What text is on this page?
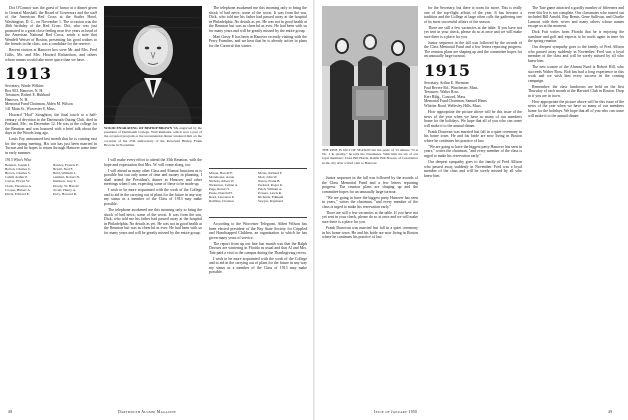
Dot O'Connor was the guest of honor at a dinner given to General Marshall, the Board of Governors and the staff of the American Red Cross at the Statler Hotel, Washington, D. C., on November 1. The occasion was the 46th birthday of the Red Cross. Dot, who was just promoted to a great close feeling near five years as head of the American National Red Cross, sends a note that Wendell Weiser of Boston, presenting his good wishes to the friends in the class, was a candidate for the reserve.

Recent visitors at Hanover box were Mr. and Mrs. Fred Gillis, Mr. and Mrs. Howard Richardson, and others whose names would take more space than we have.

1913
Secretary, Warde Wilkins
Box 903, Hanover, N. H.
Treasurer, Robert E. Hubbard
Hanover, N. H.
Memorial Fund Chairman, Alden M. Wilson
141 Main St., Worcester 8, Mass.

Howard "Hod" Stoughton, the final touch to a half-century of devotion to the Dartmouth Outing Club, died in Portland, Me., on December 12. He was at the college for the Reunion and was honored with a brief talk about the days in the Woods long ago.

Louis Fay announced last month that he is coming east for the spring meeting. His son has just been married in Tucson and he hopes to return through Hanover some time in early summer.

1913 Who's Who
Bennett, Joseph I.	Hawley, Francis E.
Bolton, Charles C.	Hewitt, Ned F.
Brown, Charles S.	Hurd, William L.
Cahill, Arthur F.	Lambert, Robert N.
Carver, Elwyn W.	Mattison, Guy T.
Clark, Theodore A.	Moody, W. Harold
Cooper, Hubert A.	Orcutt, Henry A.
Davis, Edward E.	Perry, Howard R.
WOOD ENGRAVING OF BISHOP BROWN '13, engraved by the president of Dartmouth College, Wall Remarks, which won a part of the accepted program at the tercentennial dinner tendered him on the occasion of the 25th anniversary of the Reverend Bishop Frank Browne in November.

I will make every effort to attend the 35th Reunion, with the hope and expectation that Mrs. W. will come along, too.

I will attend as many other Class and Alumni functions as is possible but can only name of time and money in planning. I shall attend the President's dinner in Hanover and other meetings when I can, expecting some of these to be made up.

I wish to be more acquainted with the work of the College and to aid in the carrying out of plans for the future in any way my status as a member of the Class of 1913 may make possible.

The telephone awakened me this morning only to bring the shock of bad news; some of the worst. It was from the son, Dick, who told me his father had passed away at the hospital in Philadelphia. No details as yet. He was not in good health at the Reunion but was as cheerful as ever. He had been with us for many years and will be greatly missed by the entire group.

The telephone awakened me this morning only to bring the shock of bad news; some of the worst. It was from the son, Dick, who told me his father had passed away at the hospital in Philadelphia. No details as yet. He was not in good health at the Reunion but was as cheerful as ever. He had been with us for many years and will be greatly missed by the entire group.

Matt Gusty P. has been in Hanover recently visiting with the Perry Framlins, and we hear that he is already active in plans for the Carnival this winter.

Mason, Harold E.	Morse, Richard F.
Morehouse, Aaron	Mott, John W.
Nichols, Albert W.	Nason, Frank B.
Nickerson, Lyman A.	Packard, Roger K.
Page, Robert S.	Patch, William A.
Pease, Donald H.	Powers, Lewis R.
Read, Lawrence P.	Richards, Edmund
Robbins, Clarence	Sawyer, Raymond

According to the Worcester Telegram, Alden Wilson has been elected president of the Bay State Society for Crippled and Handicapped Children, an organization to which he has given many years of service.

The report from up our line last month was that the Ralph Davises are wintering in Florida as usual and that Al and Mrs. Tate paid a visit to the campus during the Thanksgiving recess.

I wish to be more acquainted with the work of the College and to aid in the carrying out of plans for the future in any way my status as a member of the Class of 1913 may make possible.

THE PINE IS OUT OF SEASON but the pride of '15 shines: "It is No. 1 in quality," he tells his classmates. With him are six of our loyal members: Class Bill Harris, Rabbit Bill Bowen, of Casablanca in the city after a brief visit to Hanover.

Junior sequence in the fall was followed by the awards of the Class Memorial Fund and a few letters reporting progress. The reunion plans are shaping up and the committee hopes for an unusually large turnout.

"We are going to have the biggest party Hanover has seen in years," writes the chairman, "and every member of the class is urged to make his reservation early."

There are still a few vacancies at the table. If you have not yet sent in your check, please do so at once and we will make sure there is a place for you.

Frank Donovan was married last fall in a quiet ceremony in his home town. He and his bride are now living in Boston where he continues his practice of law.

for the Secretary, but there is room for more. This is really one of the top-flight affairs of the year. It has become a tradition and the College at large often calls the gathering one of its most successful affairs of the season.

There are still a few vacancies at the table. If you have not yet sent in your check, please do so at once and we will make sure there is a place for you.

Junior sequence in the fall was followed by the awards of the Class Memorial Fund and a few letters reporting progress. The reunion plans are shaping up and the committee hopes for an unusually large turnout.

1915
Secretary, Arthur E. Sherman
Paul Revere Rd., Winchester, Mass.
Treasurer, Walter Ross
Kerr Bldg., Concord, Mass.
Memorial Fund Chairman, Samuel Hines
Whittier Road, Wellesley Hills, Mass.

How appropriate the picture above will be this issue of the news of the year when we have so many of our members home for the holidays. We hope that all of you who can come will make it to the annual dinner.

Frank Donovan was married last fall in a quiet ceremony in his home town. He and his bride are now living in Boston where he continues his practice of law.

"We are going to have the biggest party Hanover has seen in years," writes the chairman, "and every member of the class is urged to make his reservation early."

Our deepest sympathy goes to the family of Fred Allison who passed away suddenly in November. Fred was a loyal member of the class and will be sorely missed by all who knew him.

The Tate game attracted a goodly number of fifteeners and even this list is not complete. Our classmates who turned out included Bill Arnold, Ray Bemis, Gene Sullivan, and Charlie Lamont with their wives and many others whose names escape us at the moment.

Dick Fair writes from Florida that he is enjoying the sunshine and golf and expects to be north again in time for the spring reunion.

Our deepest sympathy goes to the family of Fred Allison who passed away suddenly in November. Fred was a loyal member of the class and will be sorely missed by all who knew him.

The new trustee of the Alumni Fund is Robert Hill, who succeeds Walter Ross. Bob has had a long experience in this work and we wish him every success in the coming campaign.

Remember: the class luncheons are held on the first Thursday of each month at the Harvard Club in Boston. Drop in if you are in town.

How appropriate the picture above will be this issue of the news of the year when we have so many of our members home for the holidays. We hope that all of you who can come will make it to the annual dinner.

48	Dartmouth Alumni Magazine	Issue of January 1950	49
